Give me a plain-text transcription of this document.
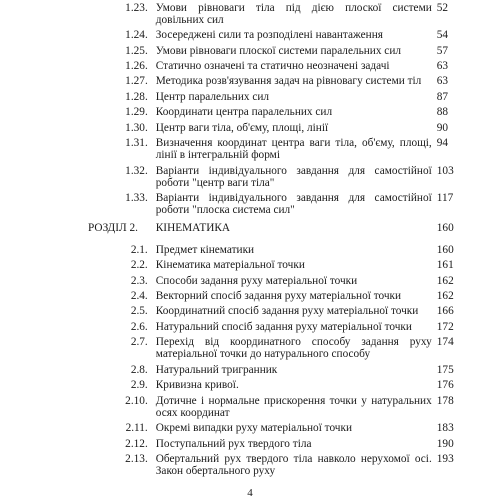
1.23.	Умови рівноваги тіла під дією плоскої системи довільних сил	52
1.24.	Зосереджені сили та розподілені навантаження	54
1.25.	Умови рівноваги плоскої системи паралельних сил	57
1.26.	Статично означені та статично неозначені задачі	63
1.27.	Методика розв'язування задач на рівновагу системи тіл	63
1.28.	Центр паралельних сил	87
1.29.	Координати центра паралельних сил	88
1.30.	Центр ваги тіла, об'єму, площі, лінії	90
1.31.	Визначення координат центра ваги тіла, об'єму, площі, лінії в інтегральній формі	94
1.32.	Варіанти індивідуального завдання для самостійної роботи "центр ваги тіла"	103
1.33.	Варіанти індивідуального завдання для самостійної роботи "плоска система сил"	117
РОЗДІЛ 2.	КІНЕМАТИКА	160
2.1.	Предмет кінематики	160
2.2.	Кінематика матеріальної точки	161
2.3.	Способи задання руху матеріальної точки	162
2.4.	Векторний спосіб задання руху матеріальної точки	162
2.5.	Координатний спосіб задання руху матеріальної точки	166
2.6.	Натуральний спосіб задання руху матеріальної точки	172
2.7.	Перехід від координатного способу задання руху матеріальної точки до натурального способу	174
2.8.	Натуральний тригранник	175
2.9.	Кривизна кривої.	176
2.10.	Дотичне і нормальне прискорення точки у натуральних осях координат	178
2.11.	Окремі випадки руху матеріальної точки	183
2.12.	Поступальний рух твердого тіла	190
2.13.	Обертальний рух твердого тіла навколо нерухомої осі. Закон обертального руху	193
4
